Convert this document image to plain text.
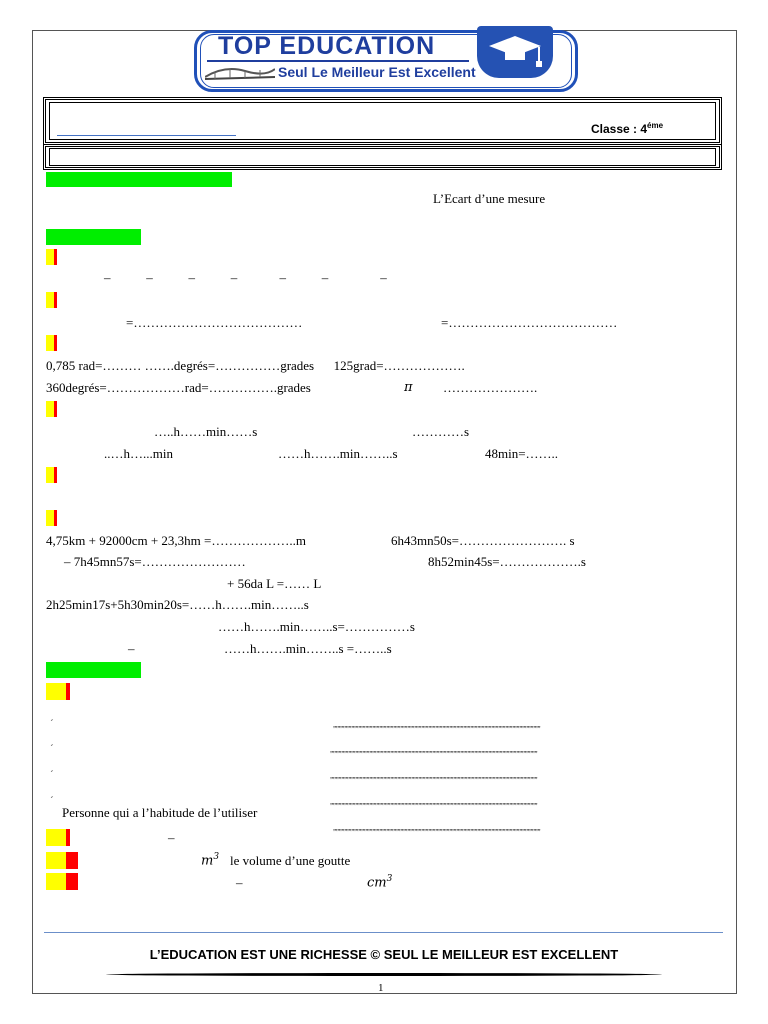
TOP EDUCATION
Seul Le Meilleur Est Excellent
Classe : $4^{éme}$
L’Ecart d’une mesure
–           –           –           –             –           –                –
=…………………………………	=…………………………………
0,785 rad=……… …….degrés=……………grades      125grad=……………….
360degrés=………………rad=…………….grades	π ………………….
…..h……min……s	…………s
..…h…...min	……h…….min……..s	48min=……..
4,75km + 92000cm + 23,3hm =………………..m	6h43mn50s=……………………. s
– 7h45mn57s=……………………	8h52min45s=……………….s
+ 56da L =…… L
2h25min17s+5h30min20s=……h…….min……..s
……h…….min……..s=……………s
–	……h…….min……..s =……..s
ˊ	,,,,,,,,,,,,,,,,,,,,,,,,,,,,,,,,,,,,,,,,,,,,,,,,,,,,,,,,,,,,,,,,,,,,,,,,,,,,,,,,,,,,,,,,,,,,,,,,,,,,,,,,,,,,,,,,,,,,,,,,,,,,,,,,,,,,,,,,,,,,,,,,,,,,
ˊ	,,,,,,,,,,,,,,,,,,,,,,,,,,,,,,,,,,,,,,,,,,,,,,,,,,,,,,,,,,,,,,,,,,,,,,,,,,,,,,,,,,,,,,,,,,,,,,,,,,,,,,,,,,,,,,,,,,,,,,,,,,,,,,,,,,,,,,,,,,,,,,,,,,,,
ˊ	,,,,,,,,,,,,,,,,,,,,,,,,,,,,,,,,,,,,,,,,,,,,,,,,,,,,,,,,,,,,,,,,,,,,,,,,,,,,,,,,,,,,,,,,,,,,,,,,,,,,,,,,,,,,,,,,,,,,,,,,,,,,,,,,,,,,,,,,,,,,,,,,,,,,
ˊ	,,,,,,,,,,,,,,,,,,,,,,,,,,,,,,,,,,,,,,,,,,,,,,,,,,,,,,,,,,,,,,,,,,,,,,,,,,,,,,,,,,,,,,,,,,,,,,,,,,,,,,,,,,,,,,,,,,,,,,,,,,,,,,,,,,,,,,,,,,,,,,,,,,,,
Personne qui a l’habitude de l’utiliser
,,,,,,,,,,,,,,,,,,,,,,,,,,,,,,,,,,,,,,,,,,,,,,,,,,,,,,,,,,,,,,,,,,,,,,,,,,,,,,,,,,,,,,,,,,,,,,,,,,,,,,,,,,,,,,,,,,,,,,,,,,,,,,,,,,,,,,,,,,,,,,,,,,,,
–
$m^3$ le volume d’une goutte
–	$cm^3$
L’EDUCATION EST UNE RICHESSE © SEUL LE MEILLEUR EST EXCELLENT
1
